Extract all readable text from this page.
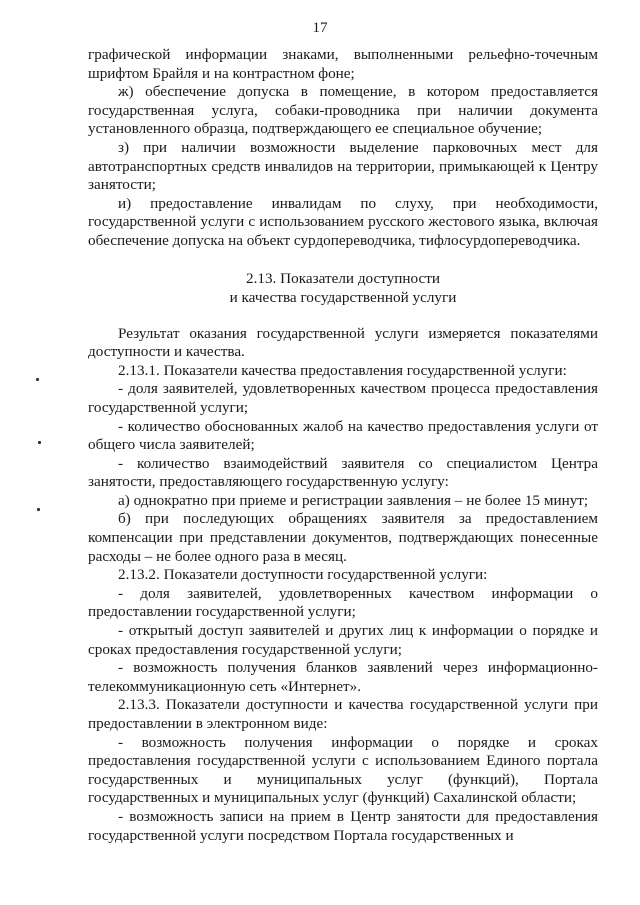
17

графической информации знаками, выполненными рельефно-точечным шрифтом Брайля и на контрастном фоне;

ж) обеспечение допуска в помещение, в котором предоставляется государственная услуга, собаки-проводника при наличии документа установленного образца, подтверждающего ее специальное обучение;

з) при наличии возможности выделение парковочных мест для автотранспортных средств инвалидов на территории, примыкающей к Центру занятости;

и) предоставление инвалидам по слуху, при необходимости, государственной услуги с использованием русского жестового языка, включая обеспечение допуска на объект сурдопереводчика, тифлосурдопереводчика.

2.13. Показатели доступности
и качества государственной услуги

Результат оказания государственной услуги измеряется показателями доступности и качества.

2.13.1. Показатели качества предоставления государственной услуги:

- доля заявителей, удовлетворенных качеством процесса предоставления государственной услуги;

- количество обоснованных жалоб на качество предоставления услуги от общего числа заявителей;

- количество взаимодействий заявителя со специалистом Центра занятости, предоставляющего государственную услугу:

а) однократно при приеме и регистрации заявления – не более 15 минут;

б) при последующих обращениях заявителя за предоставлением компенсации при представлении документов, подтверждающих понесенные расходы – не более одного раза в месяц.

2.13.2. Показатели доступности государственной услуги:

- доля заявителей, удовлетворенных качеством информации о предоставлении государственной услуги;

- открытый доступ заявителей и других лиц к информации о порядке и сроках предоставления государственной услуги;

- возможность получения бланков заявлений через информационно-телекоммуникационную сеть «Интернет».

2.13.3. Показатели доступности и качества государственной услуги при предоставлении в электронном виде:

- возможность получения информации о порядке и сроках предоставления государственной услуги с использованием Единого портала государственных и муниципальных услуг (функций), Портала государственных и муниципальных услуг (функций) Сахалинской области;

- возможность записи на прием в Центр занятости для предоставления государственной услуги посредством Портала государственных и
